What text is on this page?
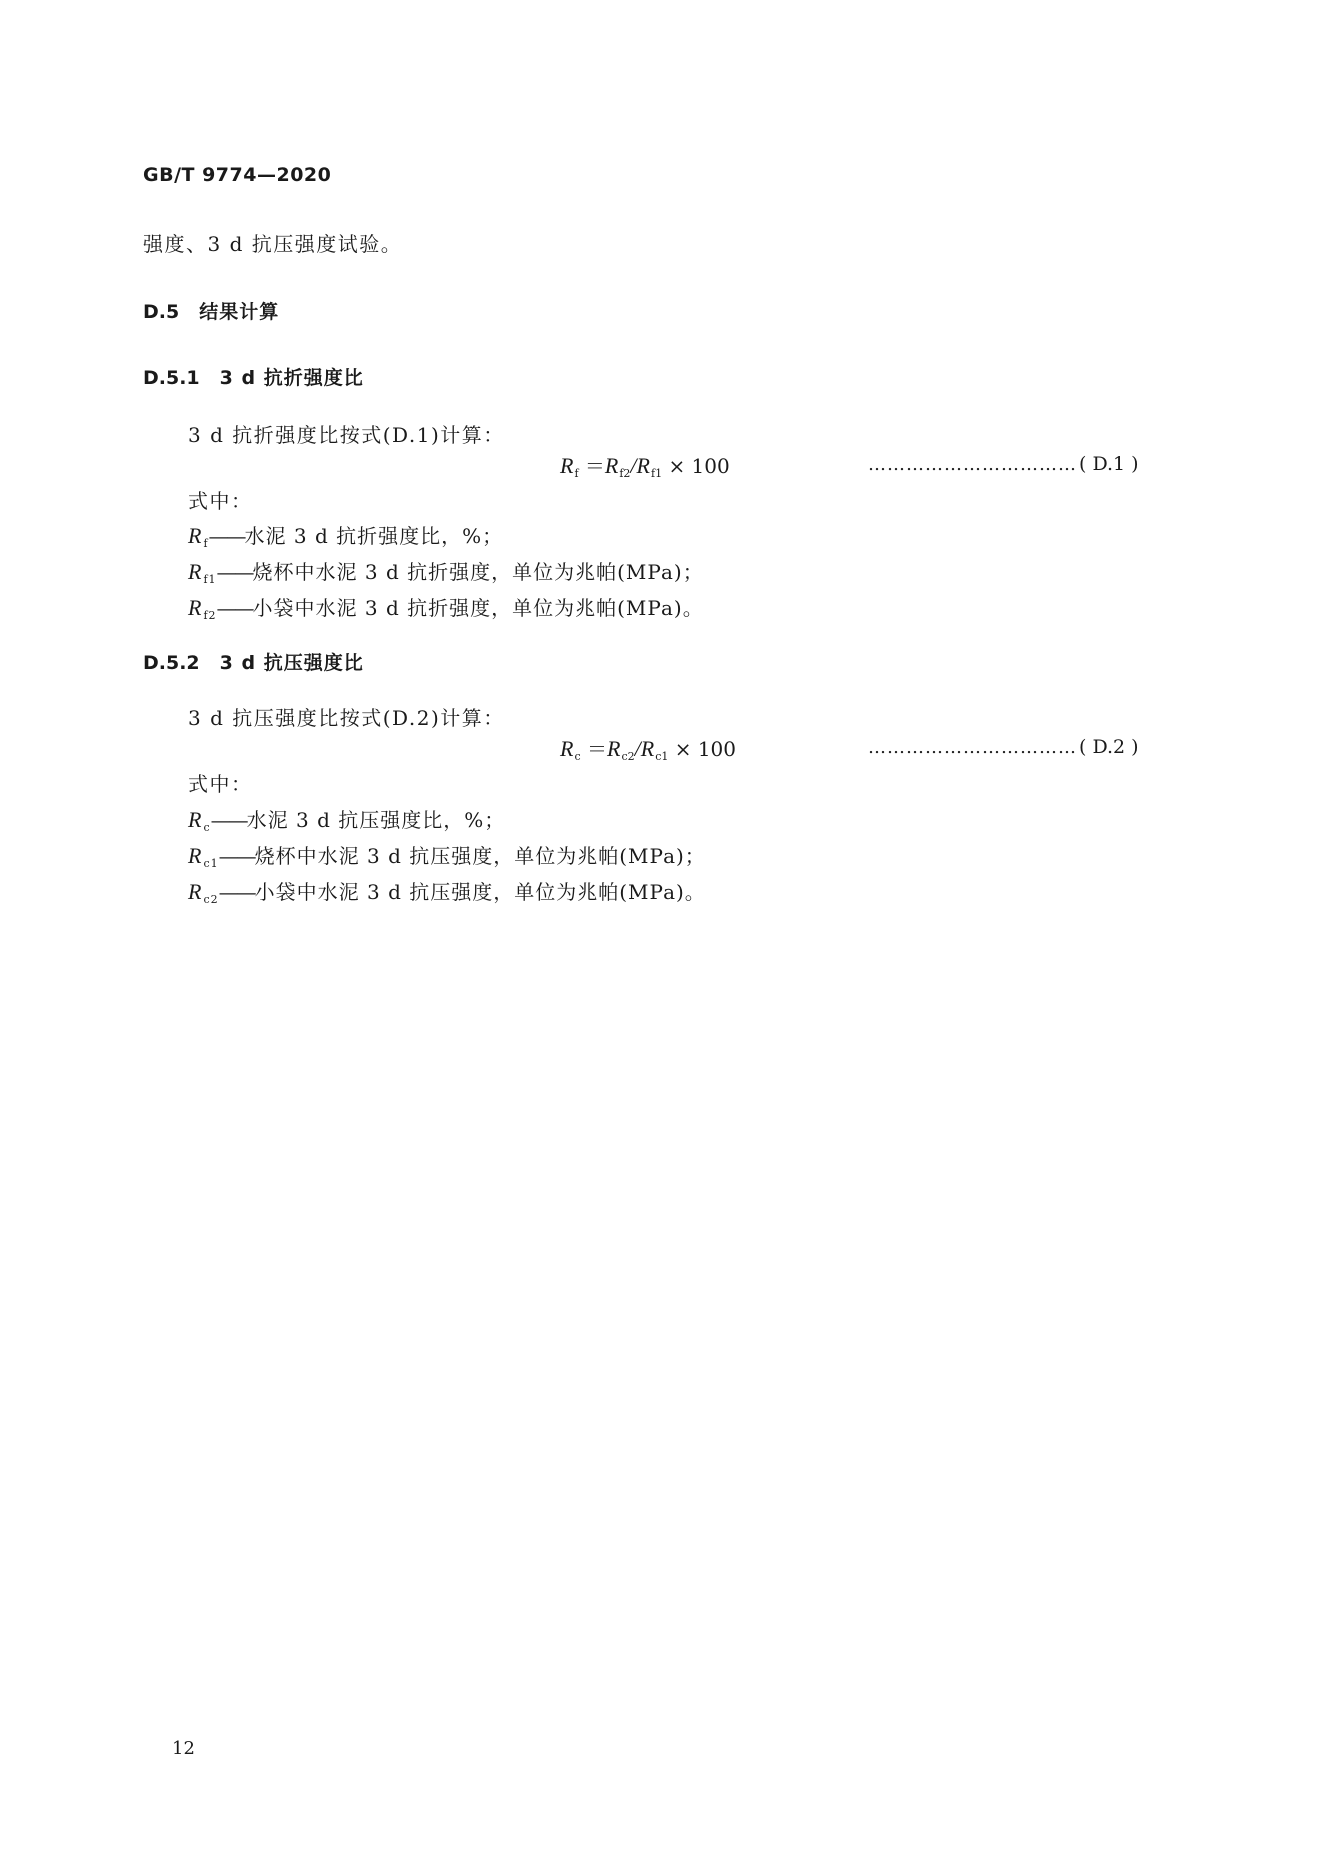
GB/T 9774—2020
强度、3 d 抗压强度试验。
D.5 结果计算
D.5.1 3 d 抗折强度比
3 d 抗折强度比按式(D.1)计算：
$R_f =R_{f2}/R_{f1} \times 100$	…………………………… ( D.1 )
式中：
$R_f——$水泥 3 d 抗折强度比，%；
$R_{f1}——$烧杯中水泥 3 d 抗折强度，单位为兆帕(MPa)；
$R_{f2}——$小袋中水泥 3 d 抗折强度，单位为兆帕(MPa)。
D.5.2 3 d 抗压强度比
3 d 抗压强度比按式(D.2)计算：
$R_c =R_{c2}/R_{c1} \times 100$	…………………………… ( D.2 )
式中：
$R_c——$水泥 3 d 抗压强度比，%；
$R_{c1}——$烧杯中水泥 3 d 抗压强度，单位为兆帕(MPa)；
$R_{c2}——$小袋中水泥 3 d 抗压强度，单位为兆帕(MPa)。
12
